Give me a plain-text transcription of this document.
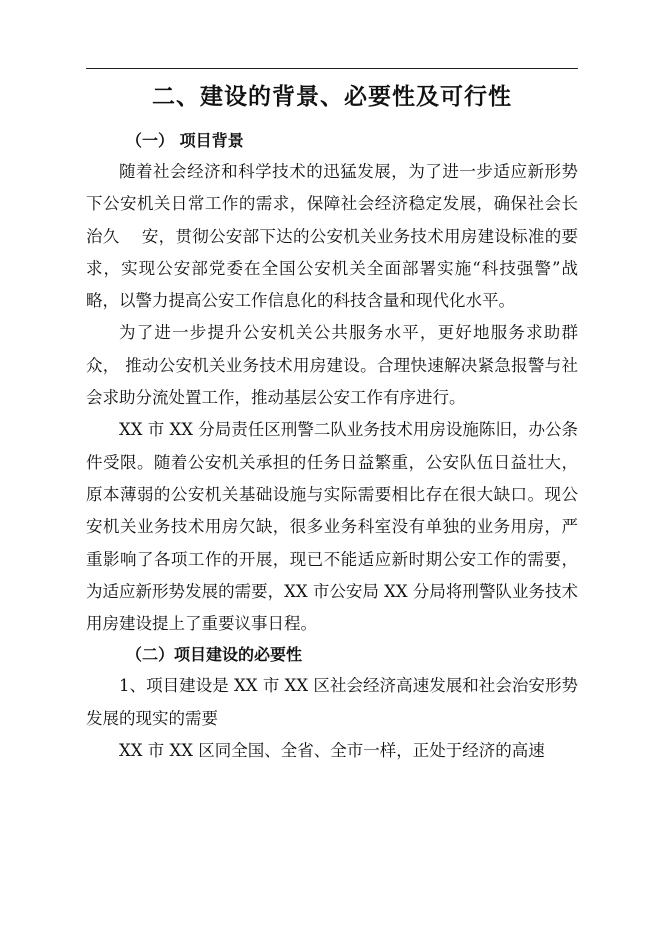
二、建设的背景、必要性及可行性
（一） 项目背景

随着社会经济和科学技术的迅猛发展，为了进一步适应新形势下公安机关日常工作的需求，保障社会经济稳定发展，确保社会长治久　 安，贯彻公安部下达的公安机关业务技术用房建设标准的要求，实现公安部党委在全国公安机关全面部署实施“科技强警”战略，以警力提高公安工作信息化的科技含量和现代化水平。

为了进一步提升公安机关公共服务水平，更好地服务求助群众， 推动公安机关业务技术用房建设。合理快速解决紧急报警与社会求助分流处置工作，推动基层公安工作有序进行。

XX 市 XX 分局责任区刑警二队业务技术用房设施陈旧，办公条件受限。随着公安机关承担的任务日益繁重，公安队伍日益壮大，原本薄弱的公安机关基础设施与实际需要相比存在很大缺口。现公安机关业务技术用房欠缺，很多业务科室没有单独的业务用房，严重影响了各项工作的开展，现已不能适应新时期公安工作的需要，为适应新形势发展的需要，XX 市公安局 XX 分局将刑警队业务技术用房建设提上了重要议事日程。

（二）项目建设的必要性

1、项目建设是 XX 市 XX 区社会经济高速发展和社会治安形势发展的现实的需要

XX 市 XX 区同全国、全省、全市一样，正处于经济的高速
